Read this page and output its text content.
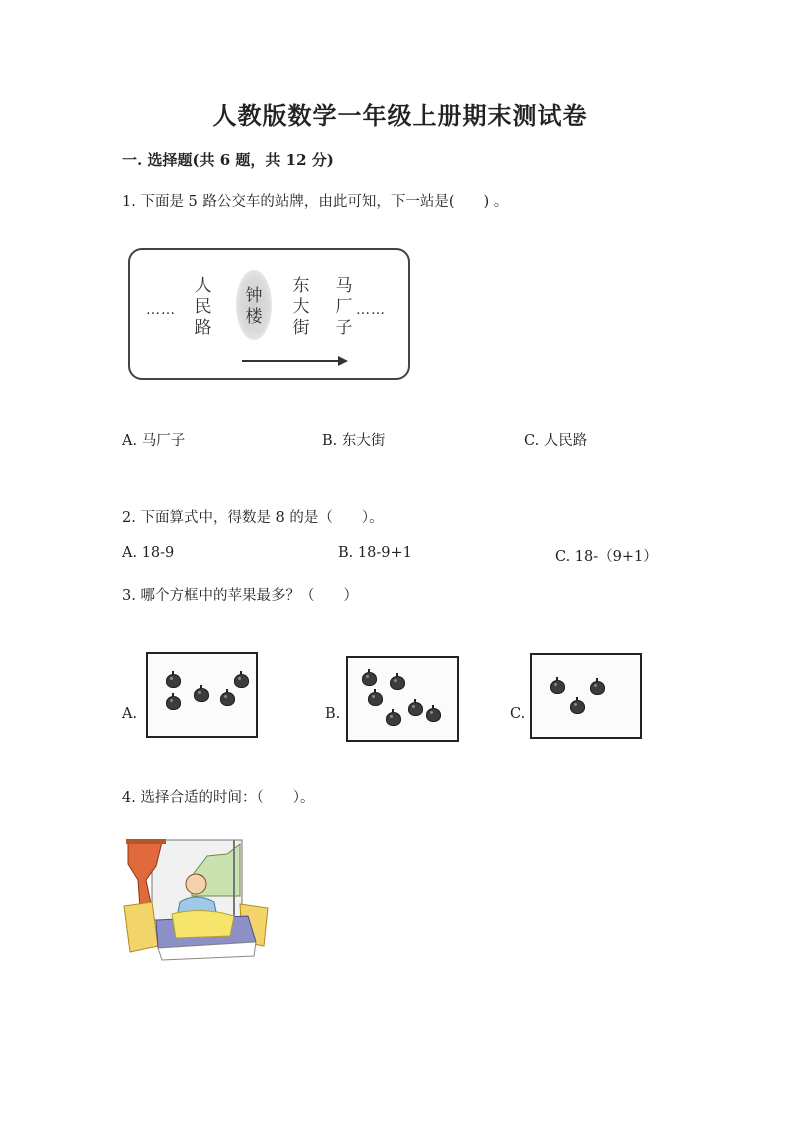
人教版数学一年级上册期末测试卷
一. 选择题(共 6 题，共 12 分)
1. 下面是 5 路公交车的站牌，由此可知，下一站是(　　) 。
……
人
民
路
钟
楼
东
大
街
马
厂
子
……
A. 马厂子	B. 东大街	C. 人民路
2. 下面算式中，得数是 8 的是（　　）。
A. 18-9	B. 18-9+1	C. 18-（9+1）
3. 哪个方框中的苹果最多？（　　）
A.	B.	C.
4. 选择合适的时间：（　　）。
